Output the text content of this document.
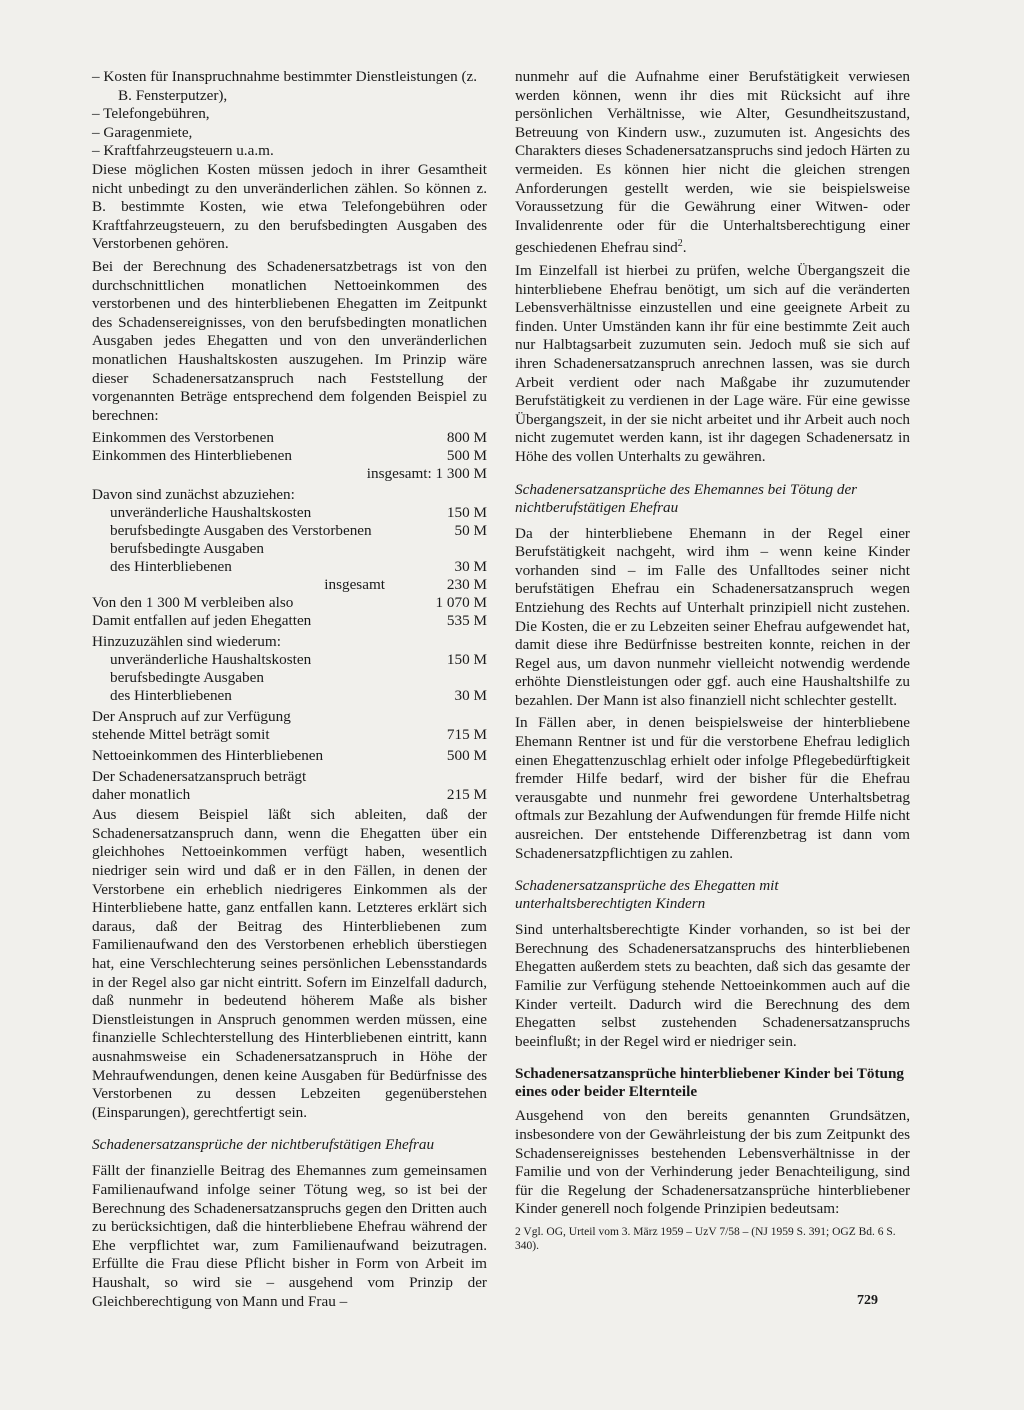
– Kosten für Inanspruchnahme bestimmter Dienstleistungen (z. B. Fensterputzer),
– Telefongebühren,
– Garagenmiete,
– Kraftfahrzeugsteuern u.a.m.

Diese möglichen Kosten müssen jedoch in ihrer Gesamtheit nicht unbedingt zu den unveränderlichen zählen. So können z. B. bestimmte Kosten, wie etwa Telefongebühren oder Kraftfahrzeugsteuern, zu den berufsbedingten Ausgaben des Verstorbenen gehören.

Bei der Berechnung des Schadenersatzbetrags ist von den durchschnittlichen monatlichen Nettoeinkommen des verstorbenen und des hinterbliebenen Ehegatten im Zeitpunkt des Schadensereignisses, von den berufsbedingten monatlichen Ausgaben jedes Ehegatten und von den unveränderlichen monatlichen Haushaltskosten auszugehen. Im Prinzip wäre dieser Schadenersatzanspruch nach Feststellung der vorgenannten Beträge entsprechend dem folgenden Beispiel zu berechnen:

Einkommen des Verstorbenen	800 M
Einkommen des Hinterbliebenen	500 M
insgesamt: 1 300 M	
Davon sind zunächst abzuziehen:	
unveränderliche Haushaltskosten	150 M
berufsbedingte Ausgaben des Verstorbenen	50 M
berufsbedingte Ausgaben	
des Hinterbliebenen	30 M
insgesamt	230 M
Von den 1 300 M verbleiben also	1 070 M
Damit entfallen auf jeden Ehegatten	535 M
Hinzuzuzählen sind wiederum:	
unveränderliche Haushaltskosten	150 M
berufsbedingte Ausgaben	
des Hinterbliebenen	30 M
Der Anspruch auf zur Verfügung	
stehende Mittel beträgt somit	715 M
Nettoeinkommen des Hinterbliebenen	500 M
Der Schadenersatzanspruch beträgt	
daher monatlich	215 M

Aus diesem Beispiel läßt sich ableiten, daß der Schadenersatzanspruch dann, wenn die Ehegatten über ein gleichhohes Nettoeinkommen verfügt haben, wesentlich niedriger sein wird und daß er in den Fällen, in denen der Verstorbene ein erheblich niedrigeres Einkommen als der Hinterbliebene hatte, ganz entfallen kann. Letzteres erklärt sich daraus, daß der Beitrag des Hinterbliebenen zum Familienaufwand den des Verstorbenen erheblich überstiegen hat, eine Verschlechterung seines persönlichen Lebensstandards in der Regel also gar nicht eintritt. Sofern im Einzelfall dadurch, daß nunmehr in bedeutend höherem Maße als bisher Dienstleistungen in Anspruch genommen werden müssen, eine finanzielle Schlechterstellung des Hinterbliebenen eintritt, kann ausnahmsweise ein Schadenersatzanspruch in Höhe der Mehraufwendungen, denen keine Ausgaben für Bedürfnisse des Verstorbenen zu dessen Lebzeiten gegenüberstehen (Einsparungen), gerechtfertigt sein.

Schadenersatzansprüche der nichtberufstätigen Ehefrau

Fällt der finanzielle Beitrag des Ehemannes zum gemeinsamen Familienaufwand infolge seiner Tötung weg, so ist bei der Berechnung des Schadenersatzanspruchs gegen den Dritten auch zu berücksichtigen, daß die hinterbliebene Ehefrau während der Ehe verpflichtet war, zum Familienaufwand beizutragen. Erfüllte die Frau diese Pflicht bisher in Form von Arbeit im Haushalt, so wird sie – ausgehend vom Prinzip der Gleichberechtigung von Mann und Frau –

nunmehr auf die Aufnahme einer Berufstätigkeit verwiesen werden können, wenn ihr dies mit Rücksicht auf ihre persönlichen Verhältnisse, wie Alter, Gesundheitszustand, Betreuung von Kindern usw., zuzumuten ist. Angesichts des Charakters dieses Schadenersatzanspruchs sind jedoch Härten zu vermeiden. Es können hier nicht die gleichen strengen Anforderungen gestellt werden, wie sie beispielsweise Voraussetzung für die Gewährung einer Witwen- oder Invalidenrente oder für die Unterhaltsberechtigung einer geschiedenen Ehefrau sind$^2$.

Im Einzelfall ist hierbei zu prüfen, welche Übergangszeit die hinterbliebene Ehefrau benötigt, um sich auf die veränderten Lebensverhältnisse einzustellen und eine geeignete Arbeit zu finden. Unter Umständen kann ihr für eine bestimmte Zeit auch nur Halbtagsarbeit zuzumuten sein. Jedoch muß sie sich auf ihren Schadenersatzanspruch anrechnen lassen, was sie durch Arbeit verdient oder nach Maßgabe ihr zuzumutender Berufstätigkeit zu verdienen in der Lage wäre. Für eine gewisse Übergangszeit, in der sie nicht arbeitet und ihr Arbeit auch noch nicht zugemutet werden kann, ist ihr dagegen Schadenersatz in Höhe des vollen Unterhalts zu gewähren.

Schadenersatzansprüche des Ehemannes bei Tötung der nichtberufstätigen Ehefrau

Da der hinterbliebene Ehemann in der Regel einer Berufstätigkeit nachgeht, wird ihm – wenn keine Kinder vorhanden sind – im Falle des Unfalltodes seiner nicht berufstätigen Ehefrau ein Schadenersatzanspruch wegen Entziehung des Rechts auf Unterhalt prinzipiell nicht zustehen. Die Kosten, die er zu Lebzeiten seiner Ehefrau aufgewendet hat, damit diese ihre Bedürfnisse bestreiten konnte, reichen in der Regel aus, um davon nunmehr vielleicht notwendig werdende erhöhte Dienstleistungen oder ggf. auch eine Haushaltshilfe zu bezahlen. Der Mann ist also finanziell nicht schlechter gestellt.

In Fällen aber, in denen beispielsweise der hinterbliebene Ehemann Rentner ist und für die verstorbene Ehefrau lediglich einen Ehegattenzuschlag erhielt oder infolge Pflegebedürftigkeit fremder Hilfe bedarf, wird der bisher für die Ehefrau verausgabte und nunmehr frei gewordene Unterhaltsbetrag oftmals zur Bezahlung der Aufwendungen für fremde Hilfe nicht ausreichen. Der entstehende Differenzbetrag ist dann vom Schadenersatzpflichtigen zu zahlen.

Schadenersatzansprüche des Ehegatten mit unterhaltsberechtigten Kindern

Sind unterhaltsberechtigte Kinder vorhanden, so ist bei der Berechnung des Schadenersatzanspruchs des hinterbliebenen Ehegatten außerdem stets zu beachten, daß sich das gesamte der Familie zur Verfügung stehende Nettoeinkommen auch auf die Kinder verteilt. Dadurch wird die Berechnung des dem Ehegatten selbst zustehenden Schadenersatzanspruchs beeinflußt; in der Regel wird er niedriger sein.

Schadenersatzansprüche hinterbliebener Kinder bei Tötung eines oder beider Elternteile

Ausgehend von den bereits genannten Grundsätzen, insbesondere von der Gewährleistung der bis zum Zeitpunkt des Schadensereignisses bestehenden Lebensverhältnisse in der Familie und von der Verhinderung jeder Benachteiligung, sind für die Regelung der Schadenersatzansprüche hinterbliebener Kinder generell noch folgende Prinzipien bedeutsam:

2 Vgl. OG, Urteil vom 3. März 1959 – UzV 7/58 – (NJ 1959 S. 391; OGZ Bd. 6 S. 340).
729
